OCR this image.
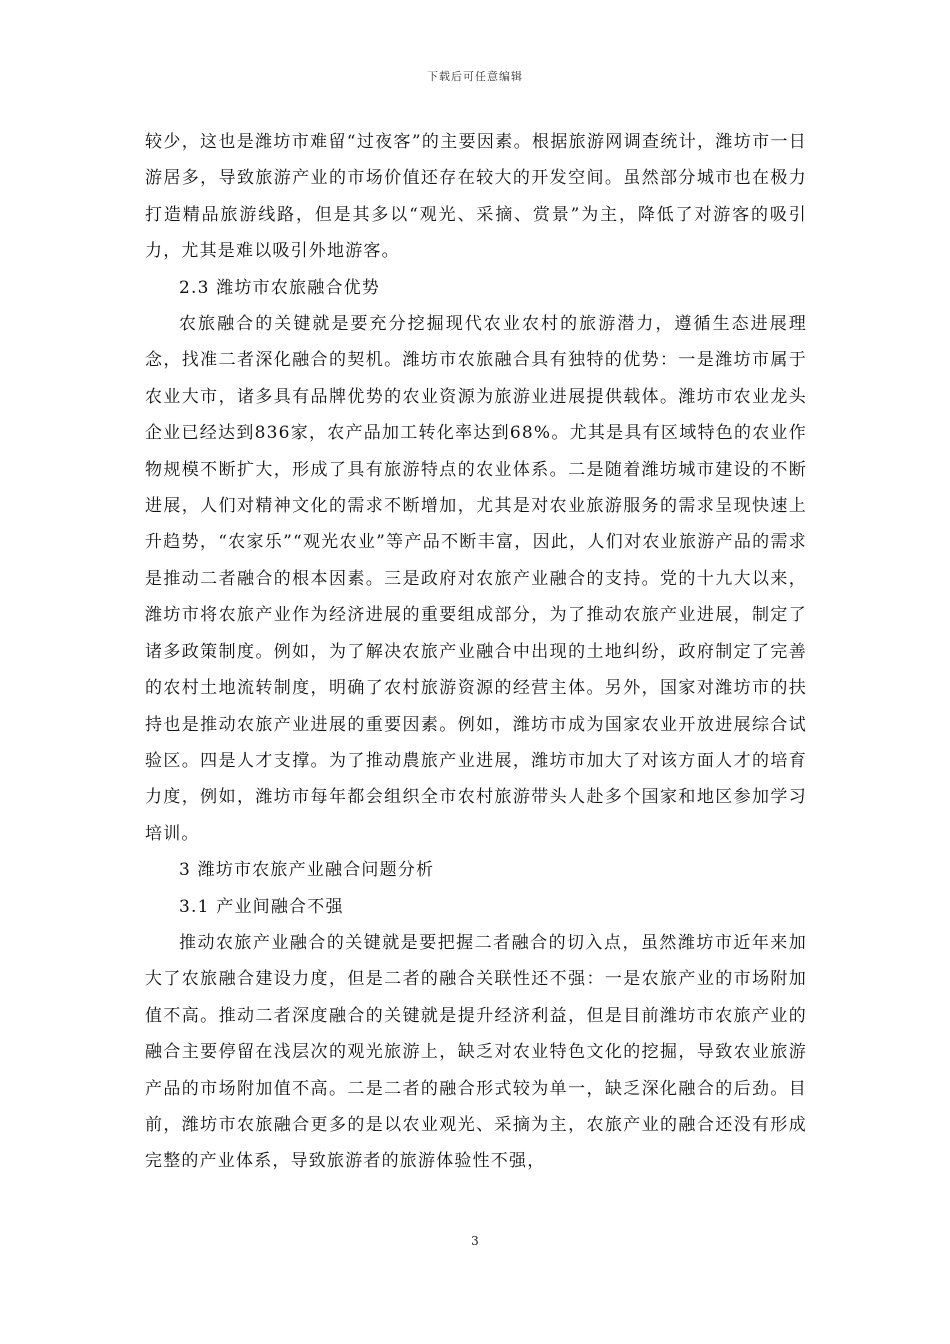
下载后可任意编辑

较少，这也是潍坊市难留“过夜客”的主要因素。根据旅游网调查统计，潍坊市一日游居多，导致旅游产业的市场价值还存在较大的开发空间。虽然部分城市也在极力打造精品旅游线路，但是其多以“观光、采摘、赏景”为主，降低了对游客的吸引力，尤其是难以吸引外地游客。

2.3 潍坊市农旅融合优势

农旅融合的关键就是要充分挖掘现代农业农村的旅游潜力，遵循生态进展理念，找准二者深化融合的契机。潍坊市农旅融合具有独特的优势：一是潍坊市属于农业大市，诸多具有品牌优势的农业资源为旅游业进展提供载体。潍坊市农业龙头企业已经达到836家，农产品加工转化率达到68%。尤其是具有区域特色的农业作物规模不断扩大，形成了具有旅游特点的农业体系。二是随着潍坊城市建设的不断进展，人们对精神文化的需求不断增加，尤其是对农业旅游服务的需求呈现快速上升趋势，“农家乐”“观光农业”等产品不断丰富，因此，人们对农业旅游产品的需求是推动二者融合的根本因素。三是政府对农旅产业融合的支持。党的十九大以来，潍坊市将农旅产业作为经济进展的重要组成部分，为了推动农旅产业进展，制定了诸多政策制度。例如，为了解决农旅产业融合中出现的土地纠纷，政府制定了完善的农村土地流转制度，明确了农村旅游资源的经营主体。另外，国家对潍坊市的扶持也是推动农旅产业进展的重要因素。例如，潍坊市成为国家农业开放进展综合试验区。四是人才支撑。为了推动農旅产业进展，潍坊市加大了对该方面人才的培育力度，例如，潍坊市每年都会组织全市农村旅游带头人赴多个国家和地区参加学习培训。

3 潍坊市农旅产业融合问题分析

3.1 产业间融合不强

推动农旅产业融合的关键就是要把握二者融合的切入点，虽然潍坊市近年来加大了农旅融合建设力度，但是二者的融合关联性还不强：一是农旅产业的市场附加值不高。推动二者深度融合的关键就是提升经济利益，但是目前潍坊市农旅产业的融合主要停留在浅层次的观光旅游上，缺乏对农业特色文化的挖掘，导致农业旅游产品的市场附加值不高。二是二者的融合形式较为单一，缺乏深化融合的后劲。目前，潍坊市农旅融合更多的是以农业观光、采摘为主，农旅产业的融合还没有形成完整的产业体系，导致旅游者的旅游体验性不强，

3
